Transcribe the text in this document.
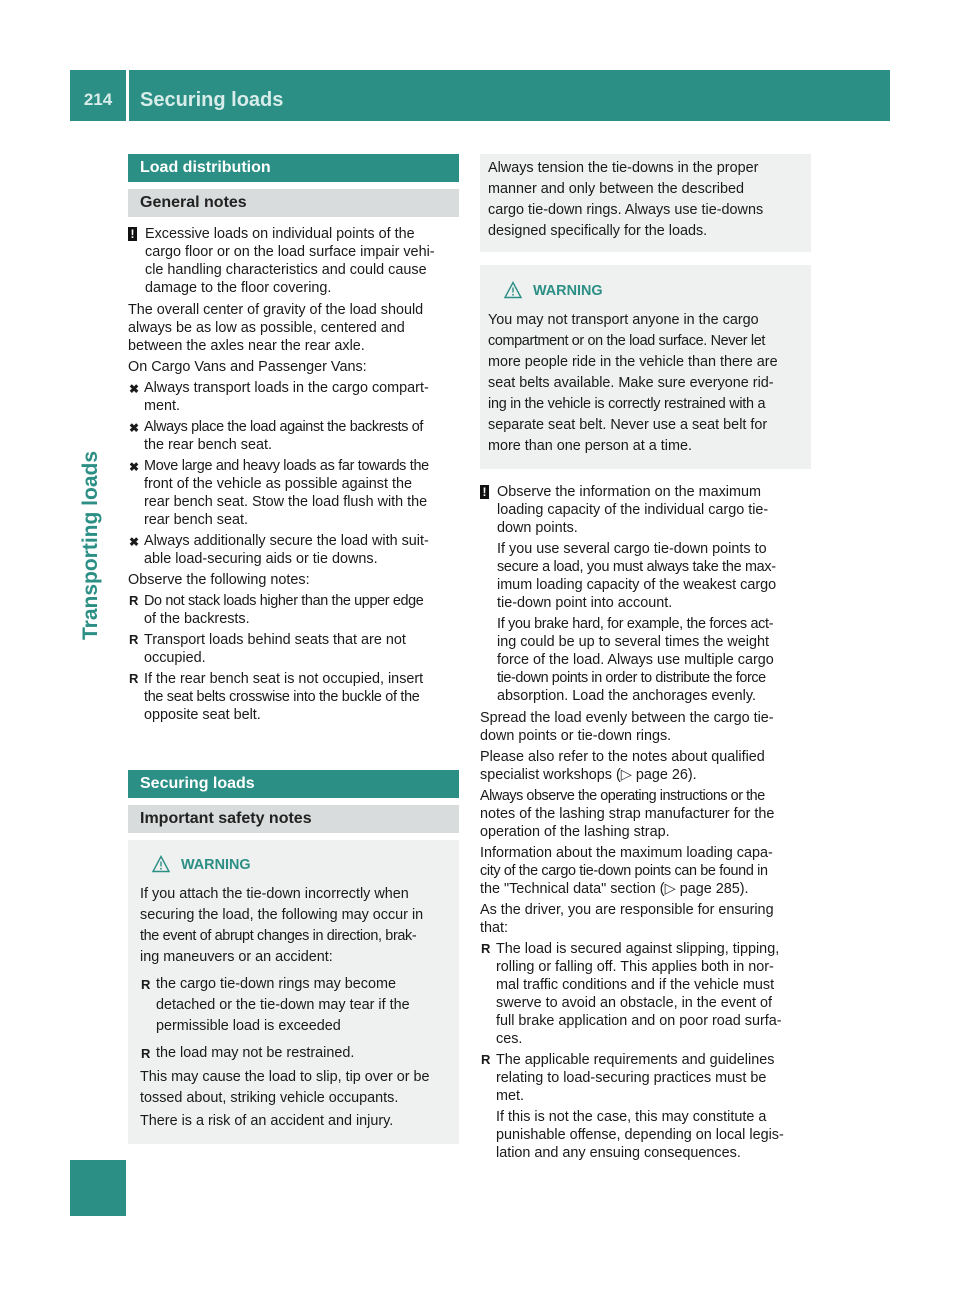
214	Securing loads
Transporting loads
Load distribution
General notes
! Excessive loads on individual points of the
cargo floor or on the load surface impair vehi-
cle handling characteristics and could cause
damage to the floor covering.

The overall center of gravity of the load should
always be as low as possible, centered and
between the axles near the rear axle.

On Cargo Vans and Passenger Vans:

✖ Always transport loads in the cargo compart-
ment.
✖ Always place the load against the backrests of
the rear bench seat.
✖ Move large and heavy loads as far towards the
front of the vehicle as possible against the
rear bench seat. Stow the load flush with the
rear bench seat.
✖ Always additionally secure the load with suit-
able load-securing aids or tie downs.

Observe the following notes:

R Do not stack loads higher than the upper edge
of the backrests.
R Transport loads behind seats that are not
occupied.
R If the rear bench seat is not occupied, insert
the seat belts crosswise into the buckle of the
opposite seat belt.
Securing loads
Important safety notes
WARNING

If you attach the tie-down incorrectly when
securing the load, the following may occur in
the event of abrupt changes in direction, brak-
ing maneuvers or an accident:

R the cargo tie-down rings may become
detached or the tie-down may tear if the
permissible load is exceeded
R the load may not be restrained.

This may cause the load to slip, tip over or be
tossed about, striking vehicle occupants.

There is a risk of an accident and injury.

Always tension the tie-downs in the proper
manner and only between the described
cargo tie-down rings. Always use tie-downs
designed specifically for the loads.
WARNING

You may not transport anyone in the cargo
compartment or on the load surface. Never let
more people ride in the vehicle than there are
seat belts available. Make sure everyone rid-
ing in the vehicle is correctly restrained with a
separate seat belt. Never use a seat belt for
more than one person at a time.

! Observe the information on the maximum
loading capacity of the individual cargo tie-
down points.

If you use several cargo tie-down points to
secure a load, you must always take the max-
imum loading capacity of the weakest cargo
tie-down point into account.

If you brake hard, for example, the forces act-
ing could be up to several times the weight
force of the load. Always use multiple cargo
tie-down points in order to distribute the force
absorption. Load the anchorages evenly.

Spread the load evenly between the cargo tie-
down points or tie-down rings.

Please also refer to the notes about qualified
specialist workshops (▷ page 26).

Always observe the operating instructions or the
notes of the lashing strap manufacturer for the
operation of the lashing strap.

Information about the maximum loading capa-
city of the cargo tie-down points can be found in
the "Technical data" section (▷ page 285).

As the driver, you are responsible for ensuring
that:

R The load is secured against slipping, tipping,
rolling or falling off. This applies both in nor-
mal traffic conditions and if the vehicle must
swerve to avoid an obstacle, in the event of
full brake application and on poor road surfa-
ces.
R The applicable requirements and guidelines
relating to load-securing practices must be
met.
If this is not the case, this may constitute a
punishable offense, depending on local legis-
lation and any ensuing consequences.
